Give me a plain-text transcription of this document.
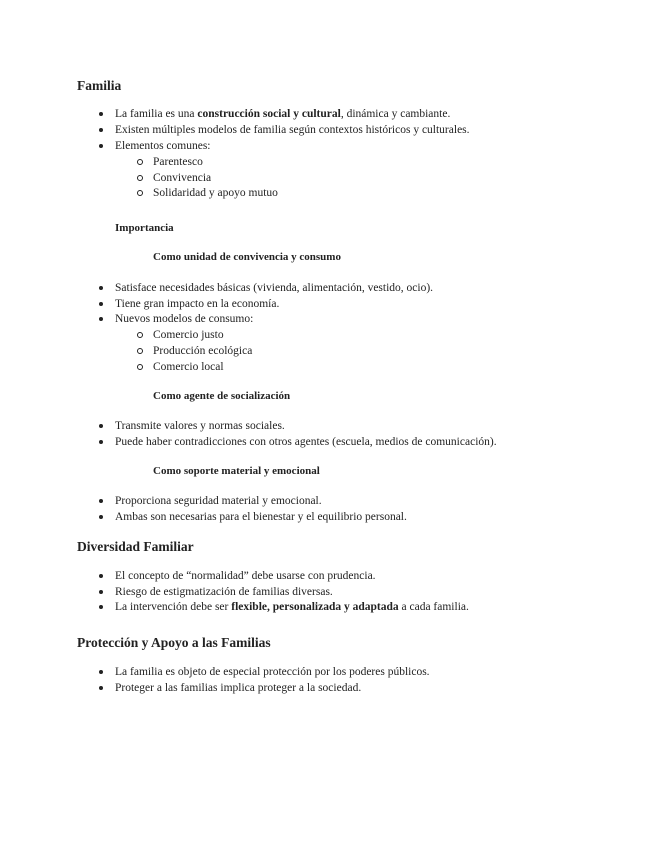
Familia
La familia es una construcción social y cultural, dinámica y cambiante.
Existen múltiples modelos de familia según contextos históricos y culturales.
Elementos comunes:
Parentesco
Convivencia
Solidaridad y apoyo mutuo
Importancia
Como unidad de convivencia y consumo
Satisface necesidades básicas (vivienda, alimentación, vestido, ocio).
Tiene gran impacto en la economía.
Nuevos modelos de consumo:
Comercio justo
Producción ecológica
Comercio local
Como agente de socialización
Transmite valores y normas sociales.
Puede haber contradicciones con otros agentes (escuela, medios de comunicación).
Como soporte material y emocional
Proporciona seguridad material y emocional.
Ambas son necesarias para el bienestar y el equilibrio personal.
Diversidad Familiar
El concepto de “normalidad” debe usarse con prudencia.
Riesgo de estigmatización de familias diversas.
La intervención debe ser flexible, personalizada y adaptada a cada familia.
Protección y Apoyo a las Familias
La familia es objeto de especial protección por los poderes públicos.
Proteger a las familias implica proteger a la sociedad.
